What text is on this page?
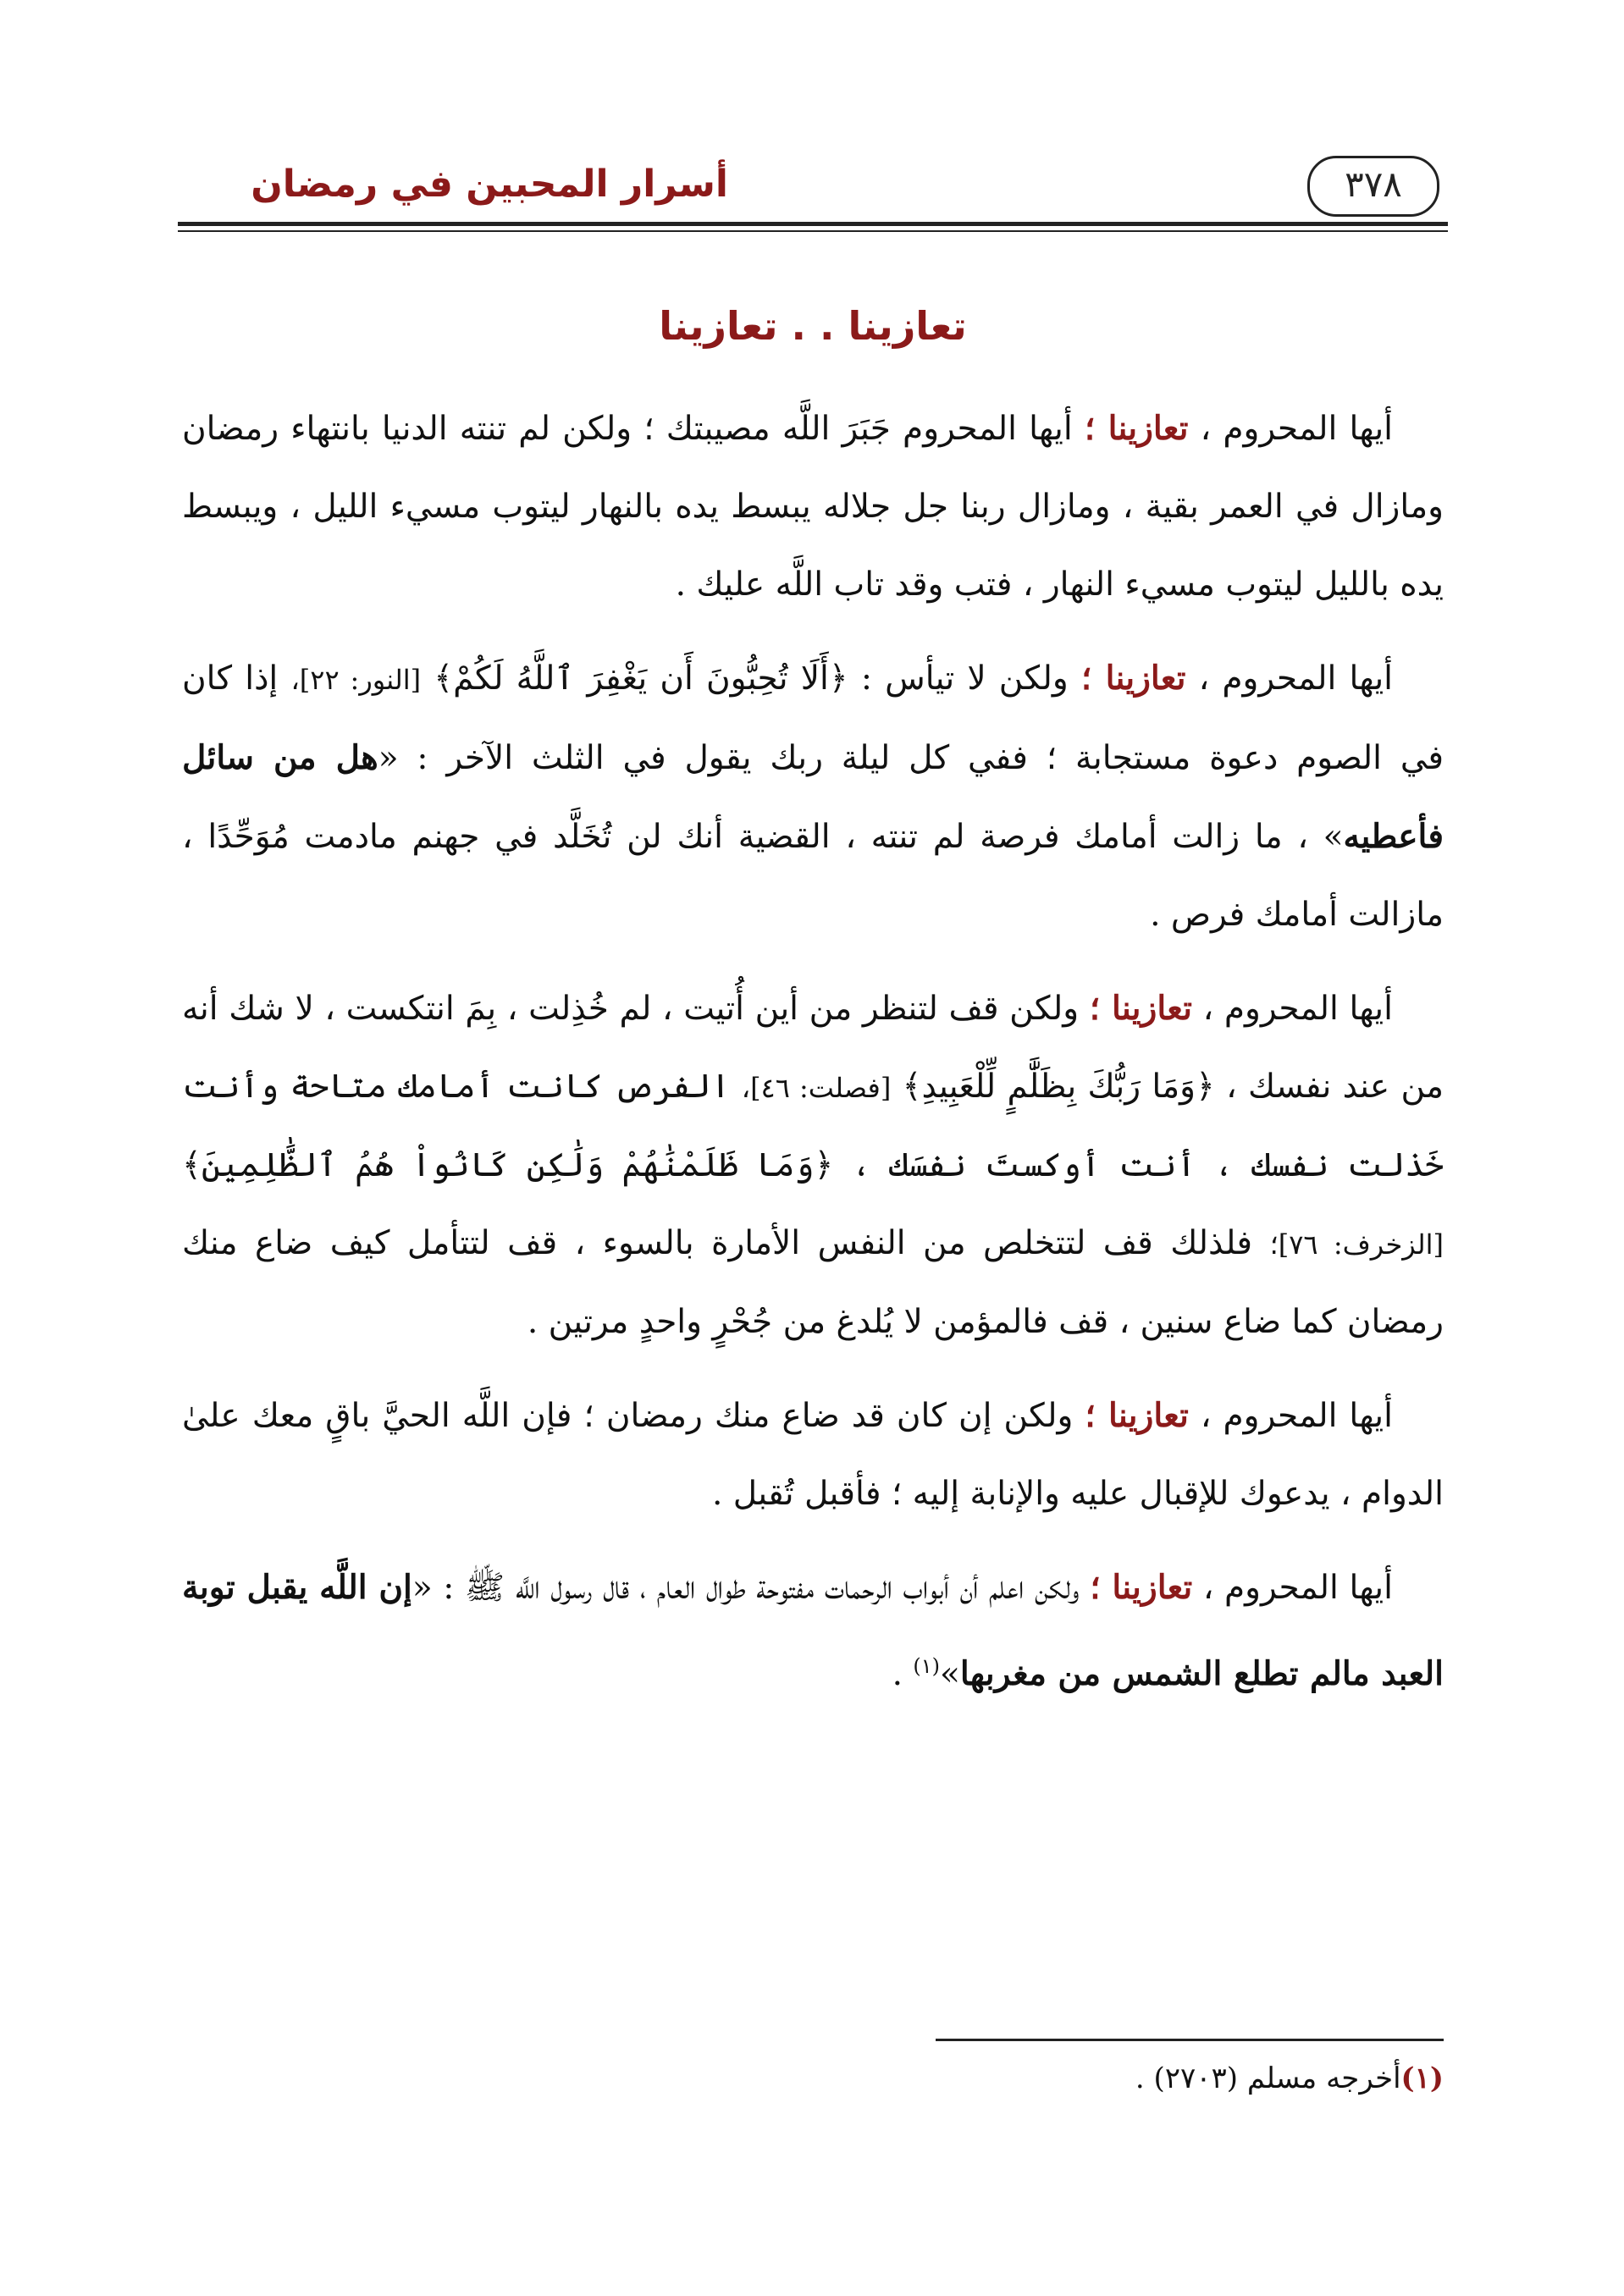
أسرار المحبين في رمضان	٣٧٨
تعازينا . . تعازينا

أيها المحروم ، تعازينا ؛ أيها المحروم جَبَرَ اللَّه مصيبتك ؛ ولكن لم تنته الدنيا بانتهاء رمضان ومازال في العمر بقية ، ومازال ربنا جل جلاله يبسط يده بالنهار ليتوب مسيء الليل ، ويبسط يده بالليل ليتوب مسيء النهار ، فتب وقد تاب اللَّه عليك .

أيها المحروم ، تعازينا ؛ ولكن لا تيأس : ﴿أَلَا تُحِبُّونَ أَن يَغْفِرَ ٱللَّهُ لَكُمْ﴾ [النور: ٢٢]، إذا كان في الصوم دعوة مستجابة ؛ ففي كل ليلة ربك يقول في الثلث الآخر : «هل من سائل فأعطيه» ، ما زالت أمامك فرصة لم تنته ، القضية أنك لن تُخَلَّد في جهنم مادمت مُوَحِّدًا ، مازالت أمامك فرص .

أيها المحروم ، تعازينا ؛ ولكن قف لتنظر من أين أُتيت ، لم خُذِلت ، بِمَ انتكست ، لا شك أنه من عند نفسك ، ﴿وَمَا رَبُّكَ بِظَلَّٰمٍ لِّلْعَبِيدِ﴾ [فصلت: ٤٦]، الفرص كانت أمامك متاحة وأنت خَذلت نفسك ، أنت أوكستَ نفسَك ، ﴿وَمَا ظَلَمْنَٰهُمْ وَلَٰكِن كَانُواْ هُمُ ٱلظَّٰلِمِينَ﴾ [الزخرف: ٧٦]؛ فلذلك قف لتتخلص من النفس الأمارة بالسوء ، قف لتتأمل كيف ضاع منك رمضان كما ضاع سنين ، قف فالمؤمن لا يُلدغ من جُحْرٍ واحدٍ مرتين .

أيها المحروم ، تعازينا ؛ ولكن إن كان قد ضاع منك رمضان ؛ فإن اللَّه الحيَّ باقٍ معك علىٰ الدوام ، يدعوك للإقبال عليه والإنابة إليه ؛ فأقبل تُقبل .

أيها المحروم ، تعازينا ؛ ولكن اعلم أن أبواب الرحمات مفتوحة طوال العام ، قال رسول اللَّه ﷺ : «إن اللَّه يقبل توبة العبد مالم تطلع الشمس من مغربها»$^{(١)}$ .

(١)أخرجه مسلم (٢٧٠٣) .
